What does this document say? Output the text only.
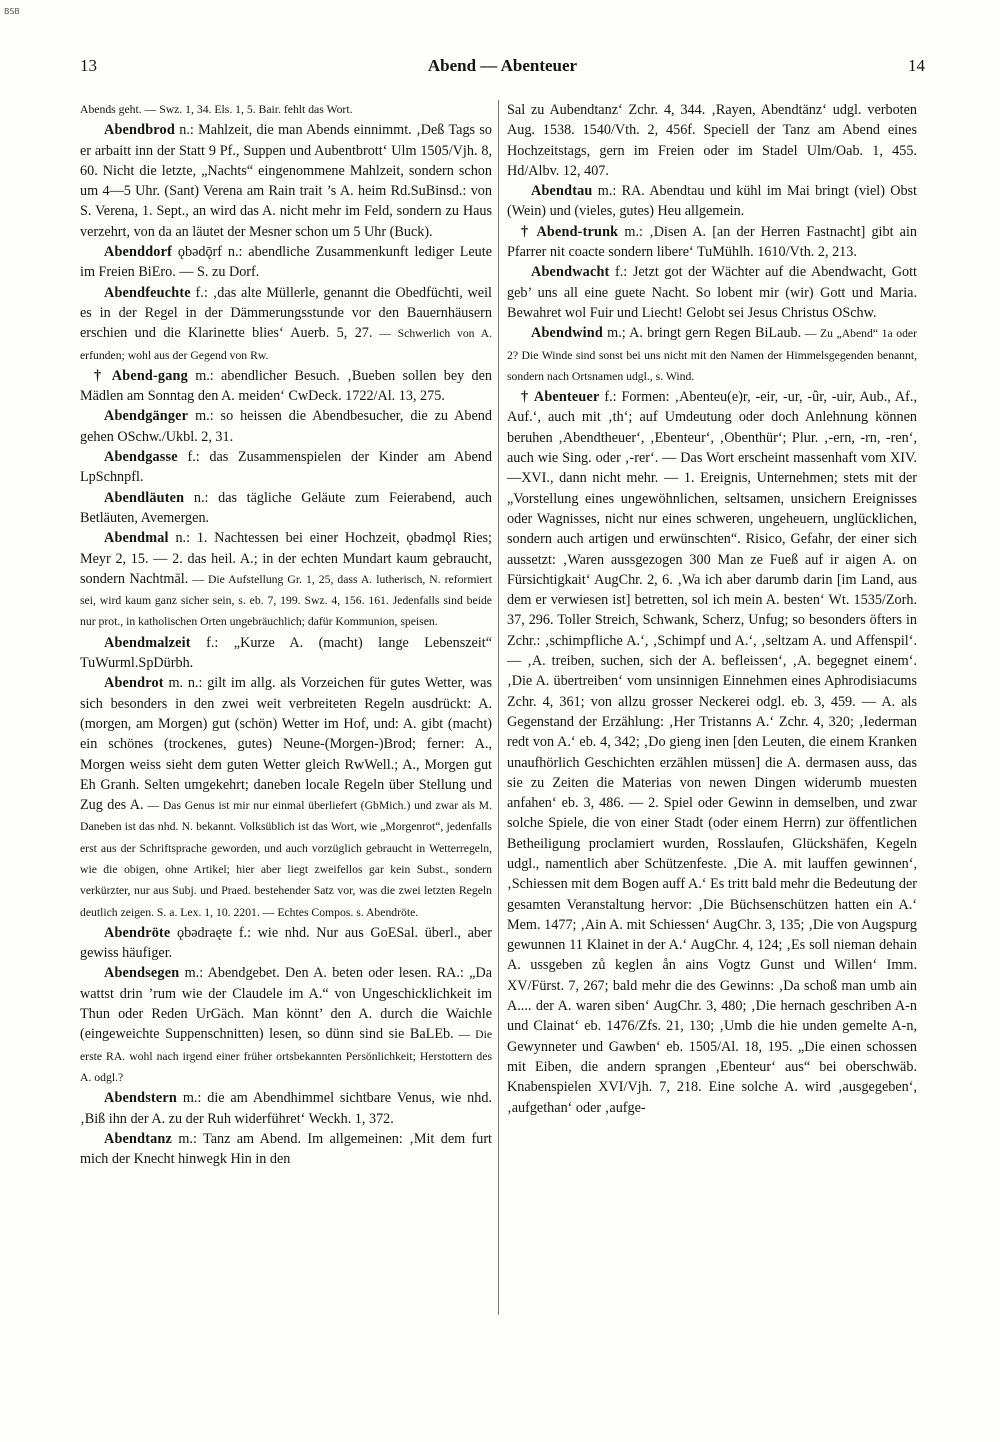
BSB
13	Abend — Abenteuer	14

Abends geht. — Swz. 1, 34. Els. 1, 5. Bair. fehlt das Wort.

Abendbrod n.: Mahlzeit, die man Abends einnimmt. ‚Deß Tags so er arbaitt inn der Statt 9 Pf., Suppen und Aubentbrott‘ Ulm 1505/Vjh. 8, 60. Nicht die letzte, „Nachts“ eingenommene Mahlzeit, sondern schon um 4—5 Uhr. (Sant) Verena am Rain trait ’s A. heim Rd.SuBinsd.: von S. Verena, 1. Sept., an wird das A. nicht mehr im Feld, sondern zu Haus verzehrt, von da an läutet der Mesner schon um 5 Uhr (Buck).

Abenddorf ǫbədǭrf n.: abendliche Zusammenkunft lediger Leute im Freien BiEro. — S. zu Dorf.

Abendfeuchte f.: ‚das alte Müllerle, genannt die Obedfüchti, weil es in der Regel in der Dämmerungsstunde vor den Bauernhäusern erschien und die Klarinette blies‘ Auerb. 5, 27. — Schwerlich von A. erfunden; wohl aus der Gegend von Rw.

† Abend-gang m.: abendlicher Besuch. ‚Bueben sollen bey den Mädlen am Sonntag den A. meiden‘ CwDeck. 1722/Al. 13, 275.

Abendgänger m.: so heissen die Abendbesucher, die zu Abend gehen OSchw./Ukbl. 2, 31.

Abendgasse f.: das Zusammenspielen der Kinder am Abend LpSchnpfl.

Abendläuten n.: das tägliche Geläute zum Feierabend, auch Betläuten, Avemergen.

Abendmal n.: 1. Nachtessen bei einer Hochzeit, ǫbədmǫl Ries; Meyr 2, 15. — 2. das heil. A.; in der echten Mundart kaum gebraucht, sondern Nachtmāl. — Die Aufstellung Gr. 1, 25, dass A. lutherisch, N. reformiert sei, wird kaum ganz sicher sein, s. eb. 7, 199. Swz. 4, 156. 161. Jedenfalls sind beide nur prot., in katholischen Orten ungebräuchlich; dafür Kommunion, speisen.

Abendmalzeit f.: „Kurze A. (macht) lange Lebenszeit“ TuWurml.SpDürbh.

Abendrot m. n.: gilt im allg. als Vorzeichen für gutes Wetter, was sich besonders in den zwei weit verbreiteten Regeln ausdrückt: A. (morgen, am Morgen) gut (schön) Wetter im Hof, und: A. gibt (macht) ein schönes (trockenes, gutes) Neune-(Morgen-)Brod; ferner: A., Morgen weiss sieht dem guten Wetter gleich RwWell.; A., Morgen gut Eh Granh. Selten umgekehrt; daneben locale Regeln über Stellung und Zug des A. — Das Genus ist mir nur einmal überliefert (GbMich.) und zwar als M. Daneben ist das nhd. N. bekannt. Volksüblich ist das Wort, wie „Morgenrot“, jedenfalls erst aus der Schriftsprache geworden, und auch vorzüglich gebraucht in Wetterregeln, wie die obigen, ohne Artikel; hier aber liegt zweifellos gar kein Subst., sondern verkürzter, nur aus Subj. und Praed. bestehender Satz vor, was die zwei letzten Regeln deutlich zeigen. S. a. Lex. 1, 10. 2201. — Echtes Compos. s. Abendröte.

Abendröte ǫbədraęte f.: wie nhd. Nur aus GoESal. überl., aber gewiss häufiger.

Abendsegen m.: Abendgebet. Den A. beten oder lesen. RA.: „Da wattst drin ’rum wie der Claudele im A.“ von Ungeschicklichkeit im Thun oder Reden UrGäch. Man könnt’ den A. durch die Waichle (eingeweichte Suppenschnitten) lesen, so dünn sind sie BaLEb. — Die erste RA. wohl nach irgend einer früher ortsbekannten Persönlichkeit; Herstottern des A. odgl.?

Abendstern m.: die am Abendhimmel sichtbare Venus, wie nhd. ‚Biß ihn der A. zu der Ruh widerführet‘ Weckh. 1, 372.

Abendtanz m.: Tanz am Abend. Im allgemeinen: ‚Mit dem furt mich der Knecht hinwegk Hin in den

Sal zu Aubendtanz‘ Zchr. 4, 344. ‚Rayen, Abendtänz‘ udgl. verboten Aug. 1538. 1540/Vth. 2, 456f. Speciell der Tanz am Abend eines Hochzeitstags, gern im Freien oder im Stadel Ulm/Oab. 1, 455. Hd/Albv. 12, 407.

Abendtau m.: RA. Abendtau und kühl im Mai bringt (viel) Obst (Wein) und (vieles, gutes) Heu allgemein.

† Abend-trunk m.: ‚Disen A. [an der Herren Fastnacht] gibt ain Pfarrer nit coacte sondern libere‘ TuMühlh. 1610/Vth. 2, 213.

Abendwacht f.: Jetzt got der Wächter auf die Abendwacht, Gott geb’ uns all eine guete Nacht. So lobent mir (wir) Gott und Maria. Bewahret wol Fuir und Liecht! Gelobt sei Jesus Christus OSchw.

Abendwind m.; A. bringt gern Regen BiLaub. — Zu „Abend“ 1a oder 2? Die Winde sind sonst bei uns nicht mit den Namen der Himmelsgegenden benannt, sondern nach Ortsnamen udgl., s. Wind.

† Abenteuer f.: Formen: ‚Abenteu(e)r, -eir, -ur, -ûr, -uir, Aub., Af., Auf.‘, auch mit ‚th‘; auf Umdeutung oder doch Anlehnung können beruhen ‚Abendtheuer‘, ‚Ebenteur‘, ‚Obenthür‘; Plur. ‚-ern, -rn, -ren‘, auch wie Sing. oder ‚-rer‘. — Das Wort erscheint massenhaft vom XIV.—XVI., dann nicht mehr. — 1. Ereignis, Unternehmen; stets mit der „Vorstellung eines ungewöhnlichen, seltsamen, unsichern Ereignisses oder Wagnisses, nicht nur eines schweren, ungeheuern, unglücklichen, sondern auch artigen und erwünschten“. Risico, Gefahr, der einer sich aussetzt: ‚Waren aussgezogen 300 Man ze Fueß auf ir aigen A. on Fürsichtigkait‘ AugChr. 2, 6. ‚Wa ich aber darumb darin [im Land, aus dem er verwiesen ist] betretten, sol ich mein A. besten‘ Wt. 1535/Zorh. 37, 296. Toller Streich, Schwank, Scherz, Unfug; so besonders öfters in Zchr.: ‚schimpfliche A.‘, ‚Schimpf und A.‘, ‚seltzam A. und Affenspil‘. — ‚A. treiben, suchen, sich der A. befleissen‘, ‚A. begegnet einem‘. ‚Die A. übertreiben‘ vom unsinnigen Einnehmen eines Aphrodisiacums Zchr. 4, 361; von allzu grosser Neckerei odgl. eb. 3, 459. — A. als Gegenstand der Erzählung: ‚Her Tristanns A.‘ Zchr. 4, 320; ‚Iederman redt von A.‘ eb. 4, 342; ‚Do gieng inen [den Leuten, die einem Kranken unaufhörlich Geschichten erzählen müssen] die A. dermasen auss, das sie zu Zeiten die Materias von newen Dingen widerumb muesten anfahen‘ eb. 3, 486. — 2. Spiel oder Gewinn in demselben, und zwar solche Spiele, die von einer Stadt (oder einem Herrn) zur öffentlichen Betheiligung proclamiert wurden, Rosslaufen, Glückshäfen, Kegeln udgl., namentlich aber Schützenfeste. ‚Die A. mit lauffen gewinnen‘, ‚Schiessen mit dem Bogen auff A.‘ Es tritt bald mehr die Bedeutung der gesamten Veranstaltung hervor: ‚Die Büchsenschützen hatten ein A.‘ Mem. 1477; ‚Ain A. mit Schiessen‘ AugChr. 3, 135; ‚Die von Augspurg gewunnen 11 Klainet in der A.‘ AugChr. 4, 124; ‚Es soll nieman dehain A. ussgeben zů keglen ån ains Vogtz Gunst und Willen‘ Imm. XV/Fürst. 7, 267; bald mehr die des Gewinns: ‚Da schoß man umb ain A.... der A. waren siben‘ AugChr. 3, 480; ‚Die hernach geschriben A-n und Clainat‘ eb. 1476/Zfs. 21, 130; ‚Umb die hie unden gemelte A-n, Gewynneter und Gawben‘ eb. 1505/Al. 18, 195. „Die einen schossen mit Eiben, die andern sprangen ‚Ebenteur‘ aus“ bei oberschwäb. Knabenspielen XVI/Vjh. 7, 218. Eine solche A. wird ‚ausgegeben‘, ‚aufgethan‘ oder ‚aufge-
